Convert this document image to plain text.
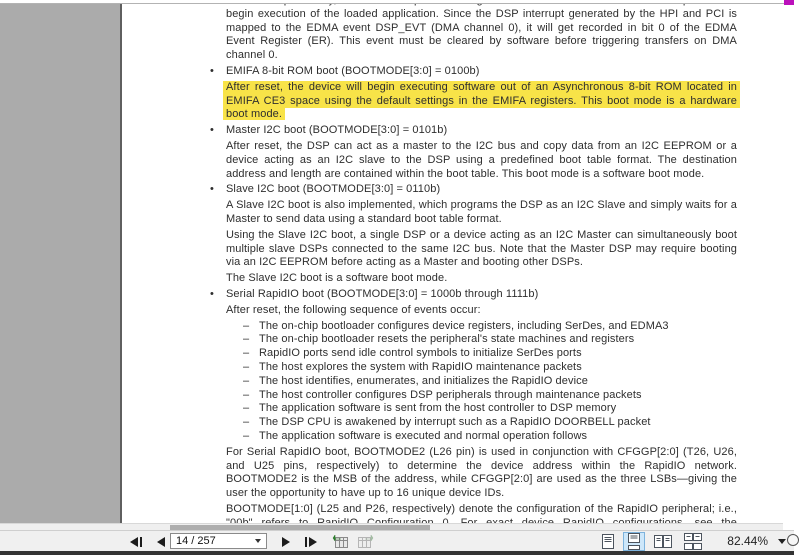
begin execution of the loaded application. Since the DSP interrupt generated by the HPI and PCI is
mapped to the EDMA event DSP_EVT (DMA channel 0), it will get recorded in bit 0 of the EDMA
Event Register (ER). This event must be cleared by software before triggering transfers on DMA
channel 0.
• EMIFA 8-bit ROM boot (BOOTMODE[3:0] = 0100b)
After reset, the device will begin executing software out of an Asynchronous 8-bit ROM located in
EMIFA CE3 space using the default settings in the EMIFA registers. This boot mode is a hardware
boot mode.
• Master I2C boot (BOOTMODE[3:0] = 0101b)
After reset, the DSP can act as a master to the I2C bus and copy data from an I2C EEPROM or a
device acting as an I2C slave to the DSP using a predefined boot table format. The destination
address and length are contained within the boot table. This boot mode is a software boot mode.
• Slave I2C boot (BOOTMODE[3:0] = 0110b)
A Slave I2C boot is also implemented, which programs the DSP as an I2C Slave and simply waits for a
Master to send data using a standard boot table format.
Using the Slave I2C boot, a single DSP or a device acting as an I2C Master can simultaneously boot
multiple slave DSPs connected to the same I2C bus. Note that the Master DSP may require booting
via an I2C EEPROM before acting as a Master and booting other DSPs.
The Slave I2C boot is a software boot mode.
• Serial RapidIO boot (BOOTMODE[3:0] = 1000b through 1111b)
After reset, the following sequence of events occur:
– The on-chip bootloader configures device registers, including SerDes, and EDMA3
– The on-chip bootloader resets the peripheral's state machines and registers
– RapidIO ports send idle control symbols to initialize SerDes ports
– The host explores the system with RapidIO maintenance packets
– The host identifies, enumerates, and initializes the RapidIO device
– The host controller configures DSP peripherals through maintenance packets
– The application software is sent from the host controller to DSP memory
– The DSP CPU is awakened by interrupt such as a RapidIO DOORBELL packet
– The application software is executed and normal operation follows
For Serial RapidIO boot, BOOTMODE2 (L26 pin) is used in conjunction with CFGGP[2:0] (T26, U26,
and U25 pins, respectively) to determine the device address within the RapidIO network.
BOOTMODE2 is the MSB of the address, while CFGGP[2:0] are used as the three LSBs—giving the
user the opportunity to have up to 16 unique device IDs.
BOOTMODE[1:0] (L25 and P26, respectively) denote the configuration of the RapidIO peripheral; i.e.,
14 / 257	82.44%
